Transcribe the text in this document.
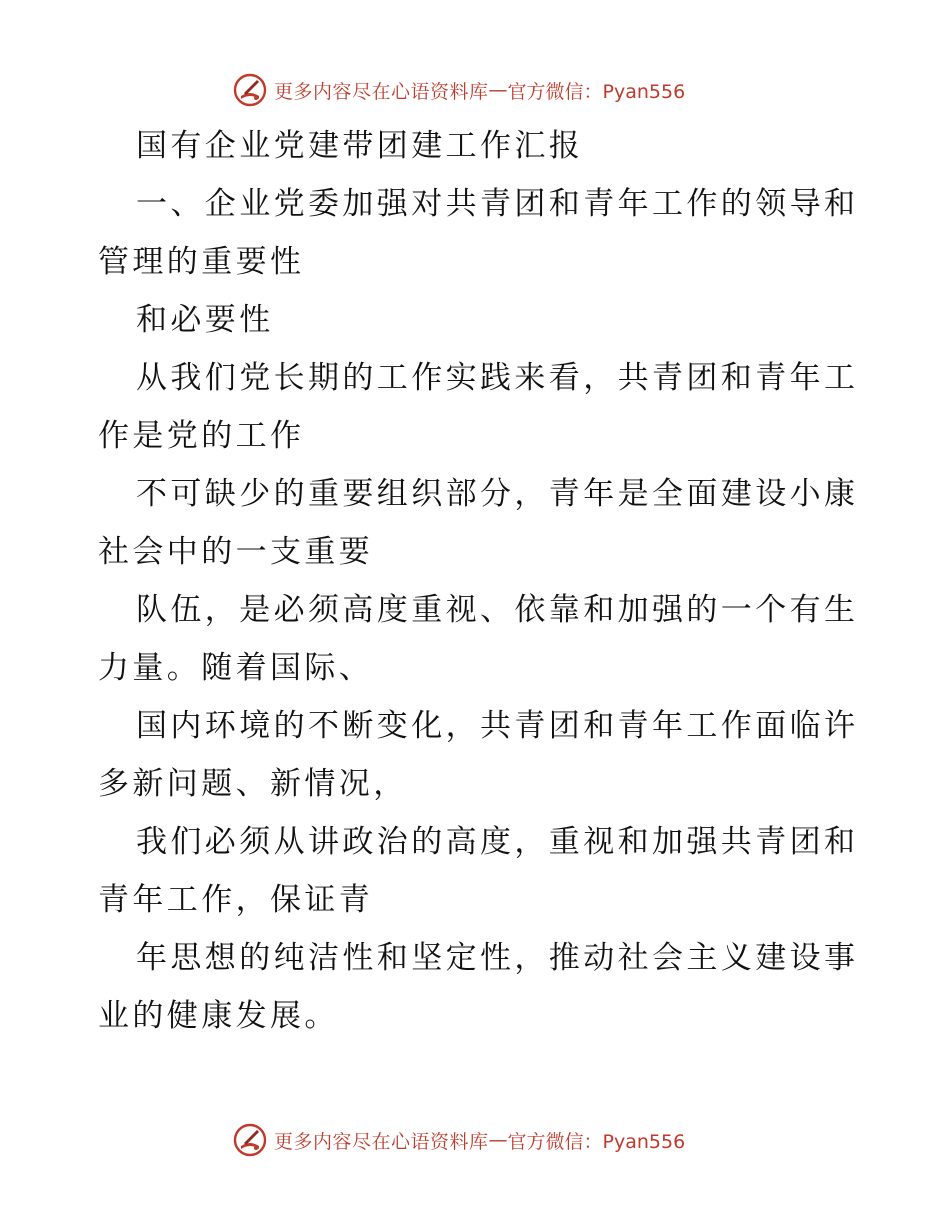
更多内容尽在心语资料库 — 官方微信：Pyan556

国有企业党建带团建工作汇报

一、企业党委加强对共青团和青年工作的领导和

管理的重要性

和必要性

从我们党长期的工作实践来看，共青团和青年工

作是党的工作

不可缺少的重要组织部分，青年是全面建设小康

社会中的一支重要

队伍，是必须高度重视、依靠和加强的一个有生

力量。随着国际、

国内环境的不断变化，共青团和青年工作面临许

多新问题、新情况，

我们必须从讲政治的高度，重视和加强共青团和

青年工作，保证青

年思想的纯洁性和坚定性，推动社会主义建设事

业的健康发展。

更多内容尽在心语资料库 — 官方微信：Pyan556
